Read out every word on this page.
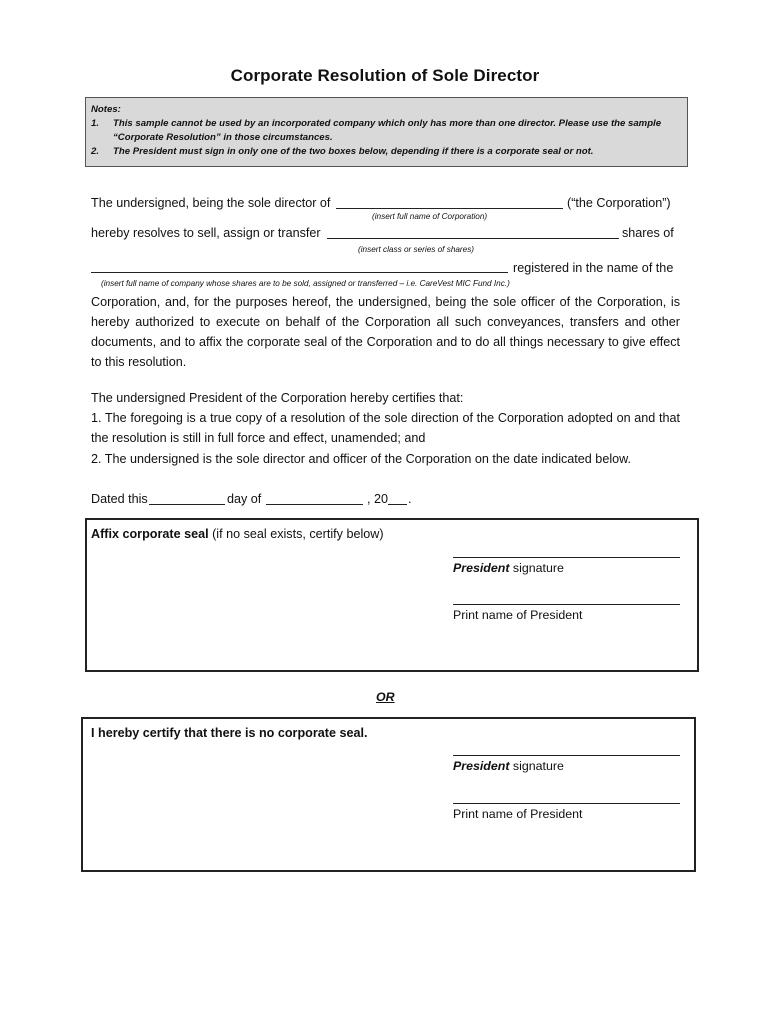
Corporate Resolution of Sole Director
Notes:
1.	This sample cannot be used by an incorporated company which only has more than one director. Please use the sample
“Corporate Resolution” in those circumstances.
2.	The President must sign in only one of the two boxes below, depending if there is a corporate seal or not.
The undersigned, being the sole director of	(“the Corporation”)
(insert full name of Corporation)
hereby resolves to sell, assign or transfer	shares of
(insert class or series of shares)
registered in the name of the
(insert full name of company whose shares are to be sold, assigned or transferred – i.e. CareVest MIC Fund Inc.)
Corporation, and, for the purposes hereof, the undersigned, being the sole officer of the Corporation, is hereby authorized to execute on behalf of the Corporation all such conveyances, transfers and other documents, and to affix the corporate seal of the Corporation and to do all things necessary to give effect to this resolution.
The undersigned President of the Corporation hereby certifies that:
1. The foregoing is a true copy of a resolution of the sole direction of the Corporation adopted on and that the resolution is still in full force and effect, unamended; and
2. The undersigned is the sole director and officer of the Corporation on the date indicated below.
Dated this	day of	, 20 .
Affix corporate seal (if no seal exists, certify below)
President signature
Print name of President
OR
I hereby certify that there is no corporate seal.
President signature
Print name of President
